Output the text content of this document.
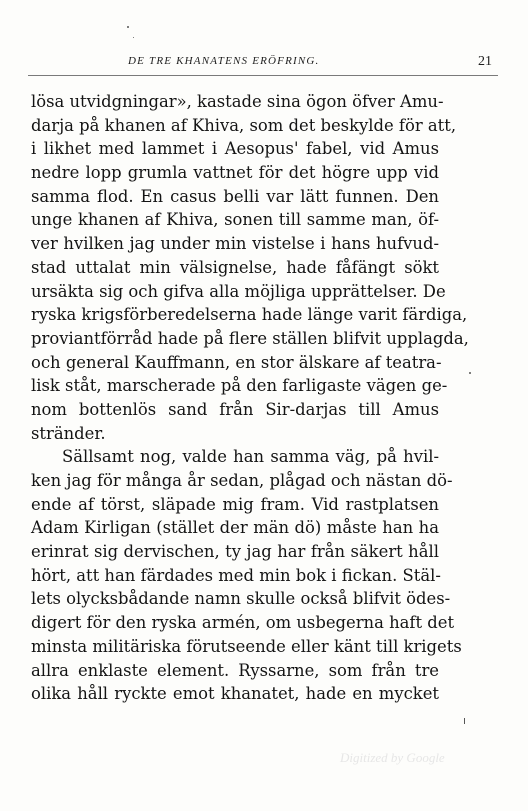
DE TRE KHANATENS ERÖFRING.	21
lösa utvidgningar», kastade sina ögon öfver Amu-
darja på khanen af Khiva, som det beskylde för att,
i likhet med lammet i Aesopus' fabel, vid Amus
nedre lopp grumla vattnet för det högre upp vid
samma flod. En casus belli var lätt funnen. Den
unge khanen af Khiva, sonen till samme man, öf-
ver hvilken jag under min vistelse i hans hufvud-
stad uttalat min välsignelse, hade fåfängt sökt
ursäkta sig och gifva alla möjliga upprättelser. De
ryska krigsförberedelserna hade länge varit färdiga,
proviantförråd hade på flere ställen blifvit upplagda,
och general Kauffmann, en stor älskare af teatra-
lisk ståt, marscherade på den farligaste vägen ge-
nom bottenlös sand från Sir-darjas till Amus
stränder.
Sällsamt nog, valde han samma väg, på hvil-
ken jag för många år sedan, plågad och nästan dö-
ende af törst, släpade mig fram. Vid rastplatsen
Adam Kirligan (stället der män dö) måste han ha
erinrat sig dervischen, ty jag har från säkert håll
hört, att han färdades med min bok i fickan. Stäl-
lets olycksbådande namn skulle också blifvit ödes-
digert för den ryska armén, om usbegerna haft det
minsta militäriska förutseende eller känt till krigets
allra enklaste element. Ryssarne, som från tre
olika håll ryckte emot khanatet, hade en mycket
Digitized by Google
